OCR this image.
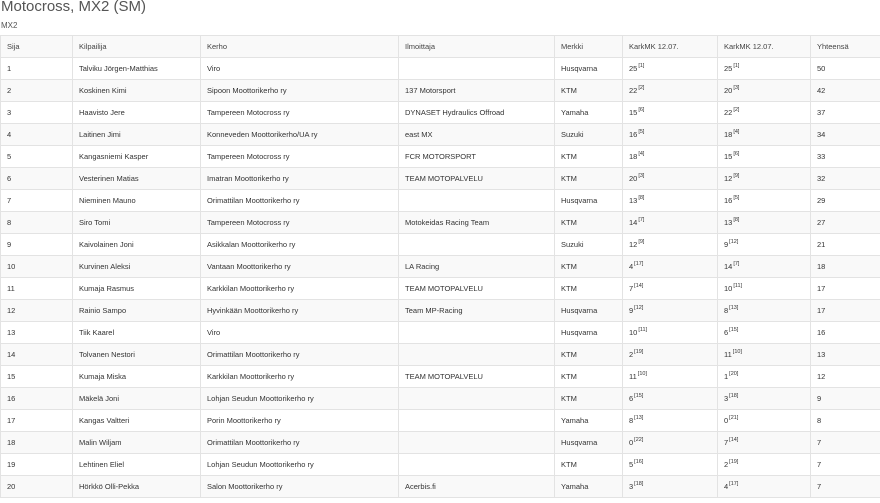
Motocross, MX2 (SM)
MX2
Sija	Kilpailija	Kerho	Ilmoittaja	Merkki	KarkMK 12.07.	KarkMK 12.07.	Yhteensä
1	Talviku Jörgen-Matthias	Viro		Husqvarna	25[1]	25[1]	50
2	Koskinen Kimi	Sipoon Moottorikerho ry	137 Motorsport	KTM	22[2]	20[3]	42
3	Haavisto Jere	Tampereen Motocross ry	DYNASET Hydraulics Offroad	Yamaha	15[6]	22[2]	37
4	Laitinen Jimi	Konneveden Moottorikerho/UA ry	east MX	Suzuki	16[5]	18[4]	34
5	Kangasniemi Kasper	Tampereen Motocross ry	FCR MOTORSPORT	KTM	18[4]	15[6]	33
6	Vesterinen Matias	Imatran Moottorikerho ry	TEAM MOTOPALVELU	KTM	20[3]	12[9]	32
7	Nieminen Mauno	Orimattilan Moottorikerho ry		Husqvarna	13[8]	16[5]	29
8	Siro Tomi	Tampereen Motocross ry	Motokeidas Racing Team	KTM	14[7]	13[8]	27
9	Kaivolainen Joni	Asikkalan Moottorikerho ry		Suzuki	12[9]	9[12]	21
10	Kurvinen Aleksi	Vantaan Moottorikerho ry	LA Racing	KTM	4[17]	14[7]	18
11	Kumaja Rasmus	Karkkilan Moottorikerho ry	TEAM MOTOPALVELU	KTM	7[14]	10[11]	17
12	Rainio Sampo	Hyvinkään Moottorikerho ry	Team MP-Racing	Husqvarna	9[12]	8[13]	17
13	Tiik Kaarel	Viro		Husqvarna	10[11]	6[15]	16
14	Tolvanen Nestori	Orimattilan Moottorikerho ry		KTM	2[19]	11[10]	13
15	Kumaja Miska	Karkkilan Moottorikerho ry	TEAM MOTOPALVELU	KTM	11[10]	1[20]	12
16	Mäkelä Joni	Lohjan Seudun Moottorikerho ry		KTM	6[15]	3[18]	9
17	Kangas Valtteri	Porin Moottorikerho ry		Yamaha	8[13]	0[21]	8
18	Malin Wiljam	Orimattilan Moottorikerho ry		Husqvarna	0[22]	7[14]	7
19	Lehtinen Eliel	Lohjan Seudun Moottorikerho ry		KTM	5[16]	2[19]	7
20	Hörkkö Olli-Pekka	Salon Moottorikerho ry	Acerbis.fi	Yamaha	3[18]	4[17]	7
